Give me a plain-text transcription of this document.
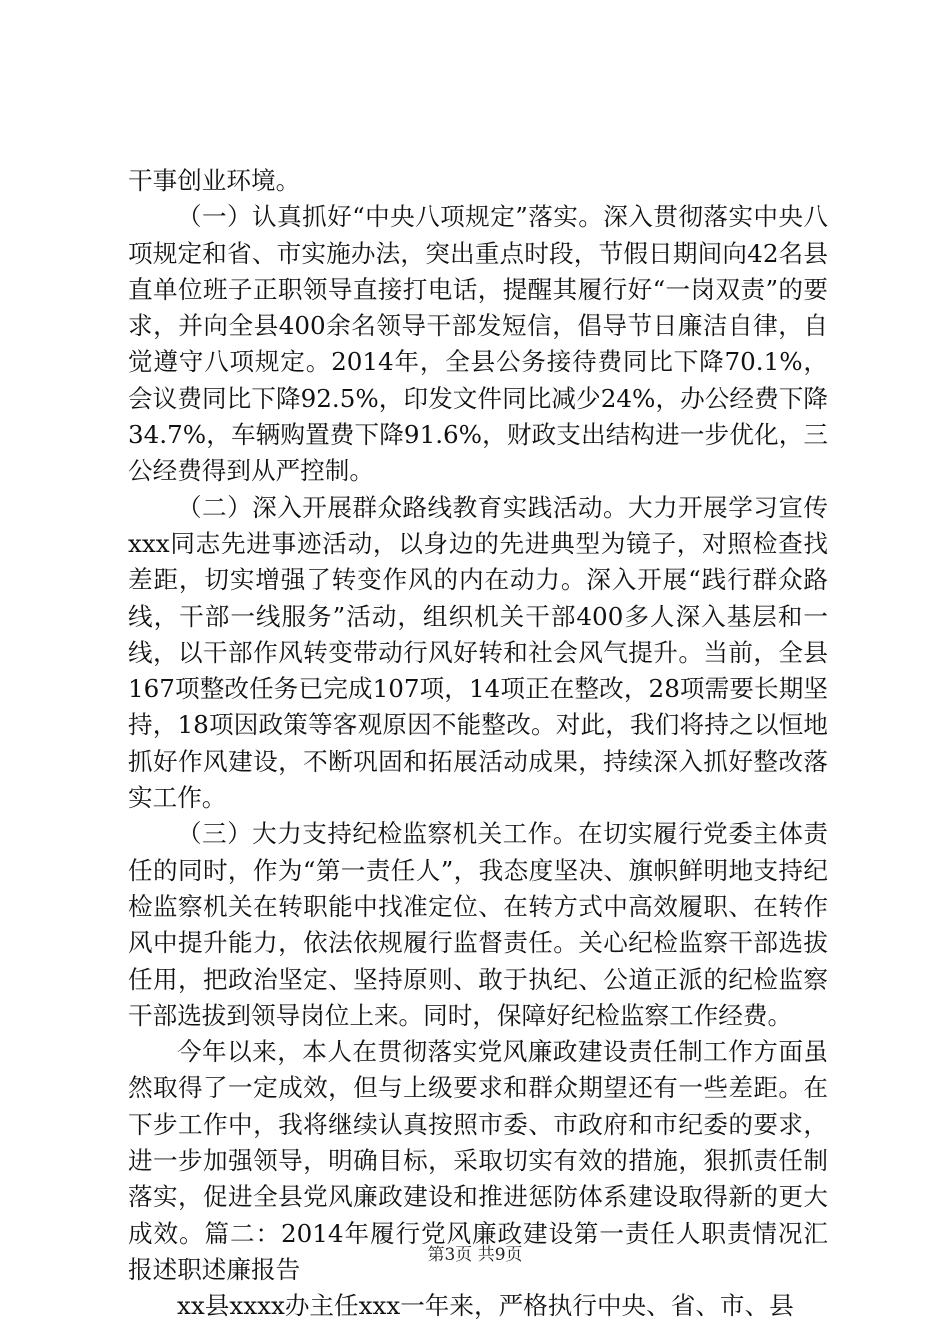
干事创业环境。

（一）认真抓好“中央八项规定”落实。深入贯彻落实中央八项规定和省、市实施办法，突出重点时段，节假日期间向42名县直单位班子正职领导直接打电话，提醒其履行好“一岗双责”的要求，并向全县400余名领导干部发短信，倡导节日廉洁自律，自觉遵守八项规定。2014年，全县公务接待费同比下降70.1%，会议费同比下降92.5%，印发文件同比减少24%，办公经费下降34.7%，车辆购置费下降91.6%，财政支出结构进一步优化，三公经费得到从严控制。

（二）深入开展群众路线教育实践活动。大力开展学习宣传xxx同志先进事迹活动，以身边的先进典型为镜子，对照检查找差距，切实增强了转变作风的内在动力。深入开展“践行群众路线，干部一线服务”活动，组织机关干部400多人深入基层和一线，以干部作风转变带动行风好转和社会风气提升。当前，全县167项整改任务已完成107项，14项正在整改，28项需要长期坚持，18项因政策等客观原因不能整改。对此，我们将持之以恒地抓好作风建设，不断巩固和拓展活动成果，持续深入抓好整改落实工作。

（三）大力支持纪检监察机关工作。在切实履行党委主体责任的同时，作为“第一责任人”，我态度坚决、旗帜鲜明地支持纪检监察机关在转职能中找准定位、在转方式中高效履职、在转作风中提升能力，依法依规履行监督责任。关心纪检监察干部选拔任用，把政治坚定、坚持原则、敢于执纪、公道正派的纪检监察干部选拔到领导岗位上来。同时，保障好纪检监察工作经费。

今年以来，本人在贯彻落实党风廉政建设责任制工作方面虽然取得了一定成效，但与上级要求和群众期望还有一些差距。在下步工作中，我将继续认真按照市委、市政府和市纪委的要求，进一步加强领导，明确目标，采取切实有效的措施，狠抓责任制落实，促进全县党风廉政建设和推进惩防体系建设取得新的更大成效。篇二：2014年履行党风廉政建设第一责任人职责情况汇报述职述廉报告

xx县xxxx办主任xxx一年来，严格执行中央、省、市、县

第3页 共9页
